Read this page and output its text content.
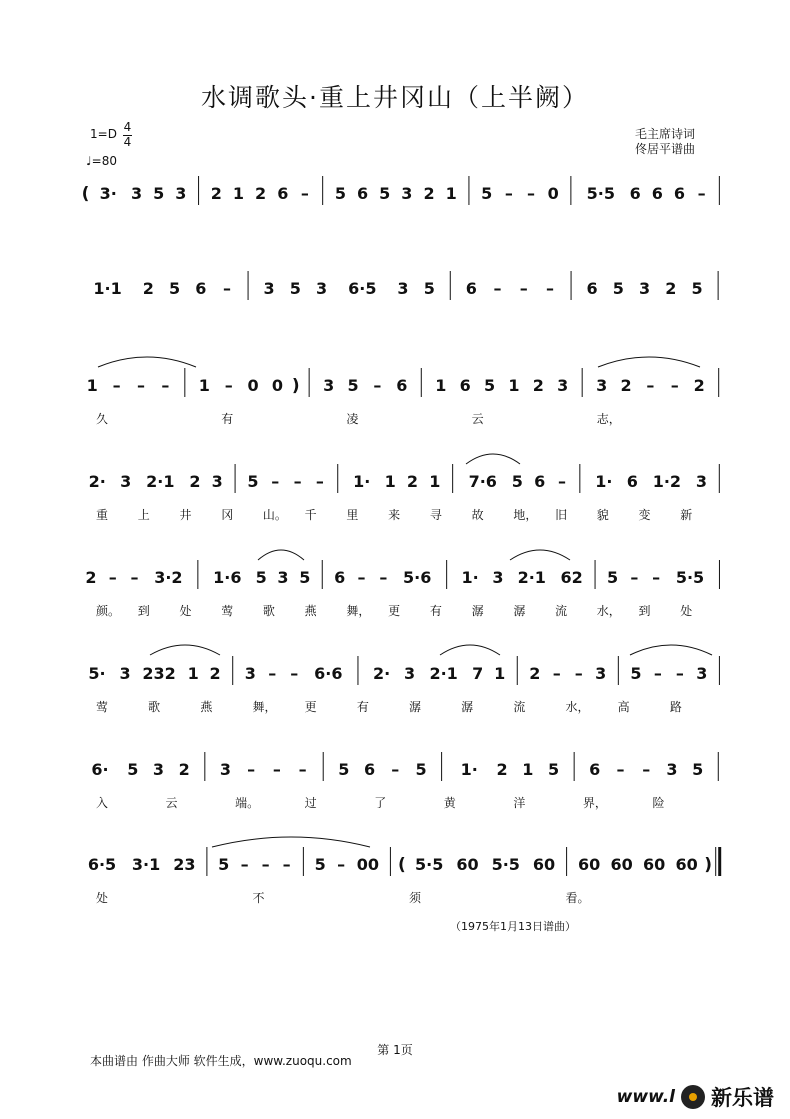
水调歌头·重上井冈山（上半阙）
1=D 4
4
♩=80
毛主席诗词
佟居平谱曲
( 3· 3 5 3 2 1 2 6 – 5 6 5 3 2 1 5 – – 0 5·5 6 6 6 –
1·1 2 5 6 – 3 5 3 6·5 3 5 6 – – – 6 5 3 2 5
1 – – – 1 – 0 0 ) 3 5 – 6 1 6 5 1 2 3 3 2 – – 2
久	有	凌	云	志，
2· 3 2·1 2 3 5 – – – 1· 1 2 1 7·6 5 6 – 1· 6 1·2 3
重 上 井 冈 山。 千 里 来 寻 故 地， 旧 貌 变 新
2 – – 3·2 1·6 5 3 5 6 – – 5·6 1· 3 2·1 62 5 – – 5·5
颜。 到 处 莺 歌 燕 舞， 更 有 潺 潺 流 水， 到 处
5· 3 232 1 2 3 – – 6·6 2· 3 2·1 7 1 2 – – 3 5 – – 3
莺	歌	燕	舞， 更	有	潺	潺	流	水， 高	路
6· 5 3 2 3 – – – 5 6 – 5 1· 2 1 5 6 – – 3 5
入	云	端。	过	了	黄	洋	界，	险
6·5 3·1 23 5 – – – 5 – 00 ( 5·5 60 5·5 60 60 60 60 60 )
处	不	须	看。
（1975年1月13日谱曲）
第 1页
本曲谱由 作曲大师 软件生成，www.zuoqu.com
www.l 新乐谱
